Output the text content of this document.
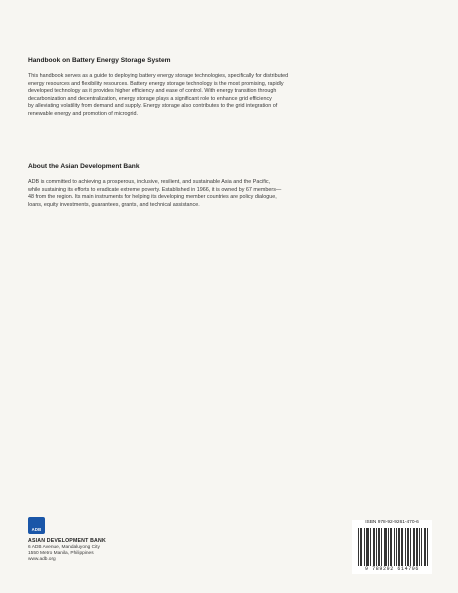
Handbook on Battery Energy Storage System

This handbook serves as a guide to deploying battery energy storage technologies, specifically for distributed
energy resources and flexibility resources. Battery energy storage technology is the most promising, rapidly
developed technology as it provides higher efficiency and ease of control. With energy transition through
decarbonization and decentralization, energy storage plays a significant role to enhance grid efficiency
by alleviating volatility from demand and supply. Energy storage also contributes to the grid integration of
renewable energy and promotion of microgrid.

About the Asian Development Bank

ADB is committed to achieving a prosperous, inclusive, resilient, and sustainable Asia and the Pacific,
while sustaining its efforts to eradicate extreme poverty. Established in 1966, it is owned by 67 members—
48 from the region. Its main instruments for helping its developing member countries are policy dialogue,
loans, equity investments, guarantees, grants, and technical assistance.

ADB

ASIAN DEVELOPMENT BANK

6 ADB Avenue, Mandaluyong City
1550 Metro Manila, Philippines
www.adb.org

ISBN 978-92-9261-470-6
9 789292 614706
